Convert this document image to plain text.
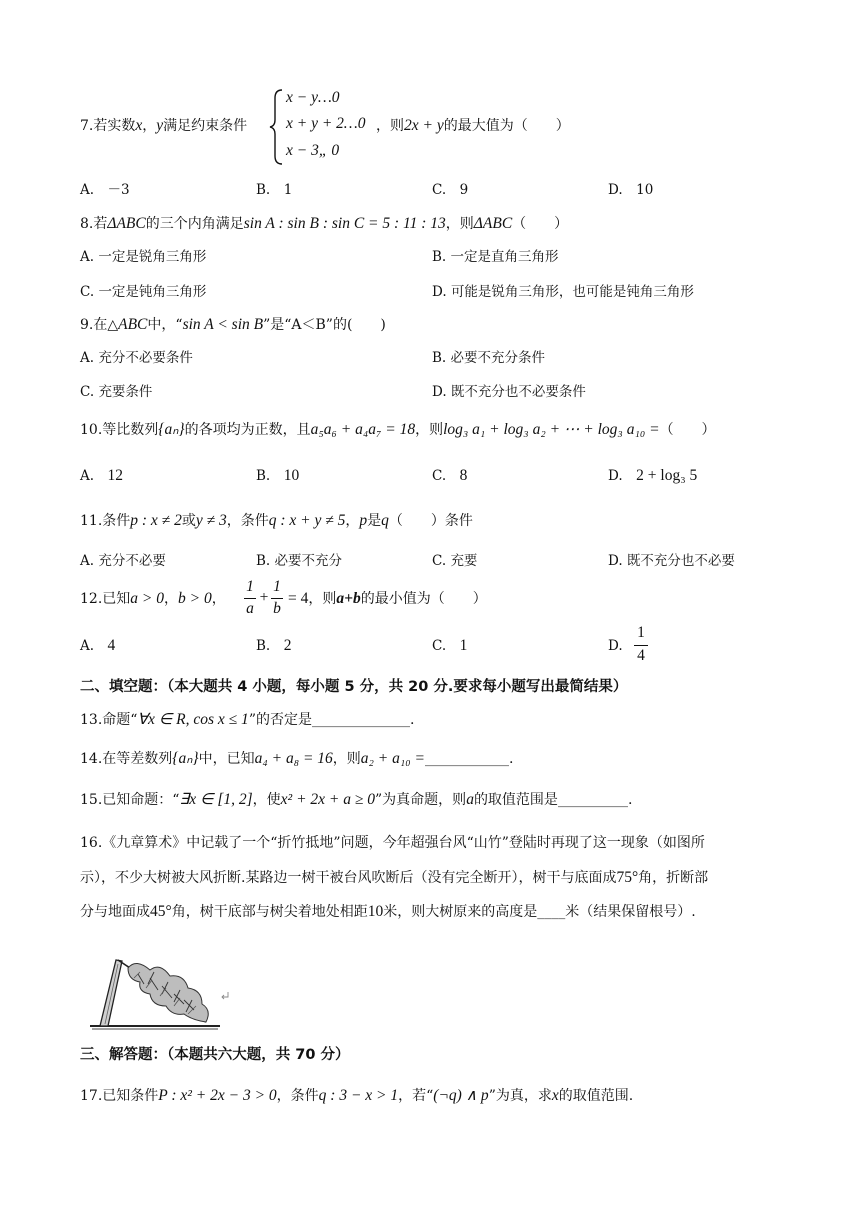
x − y…0
x + y + 2…0
x − 3„ 0
7.若实数x，y满足约束条件	，则2x + y的最大值为（　　）
A.　 －3	B.　 1	C.　 9	D.　 10
8.若ΔABC的三个内角满足sin A : sin B : sin C = 5 : 11 : 13，则ΔABC（　　）
A. 一定是锐角三角形	B. 一定是直角三角形
C. 一定是钝角三角形	D. 可能是锐角三角形，也可能是钝角三角形
9.在△ABC中，“sin A < sin B”是“A＜B”的(　　)
A. 充分不必要条件	B. 必要不充分条件
C. 充要条件	D. 既不充分也不必要条件
10.等比数列{aₙ}的各项均为正数，且a₅a₆ + a₄a₇ = 18，则log₃ a₁ + log₃ a₂ + ⋯ + log₃ a₁₀ =（　　）
A.　 12	B.　 10	C.　 8	D.　 2 + log₃ 5
11.条件p : x ≠ 2或y ≠ 3，条件q : x + y ≠ 5，p是q（　　）条件
A. 充分不必要	B. 必要不充分	C. 充要	D. 既不充分也不必要
12.已知a > 0，b > 0，
1
a
+
1
b
= 4，则a+b的最小值为（　　）
A.　 4	B.　 2	C.　 1	D.
1
4
二、填空题：（本大题共 4 小题，每小题 5 分，共 20 分.要求每小题写出最简结果）
13.命题“∀x ∈ R, cos x ≤ 1”的否定是______________.
14.在等差数列{aₙ}中，已知a₄ + a₈ = 16，则a₂ + a₁₀ =____________.
15.已知命题：“∃x ∈ [1, 2]，使x² + 2x + a ≥ 0”为真命题，则a的取值范围是__________.
16.《九章算术》中记载了一个“折竹抵地”问题，今年超强台风“山竹”登陆时再现了这一现象（如图所
示），不少大树被大风折断.某路边一树干被台风吹断后（没有完全断开），树干与底面成75°角，折断部
分与地面成45°角，树干底部与树尖着地处相距10米，则大树原来的高度是____米（结果保留根号）.
三、解答题：（本题共六大题，共 70 分）
17.已知条件P : x² + 2x − 3 > 0，条件q : 3 − x > 1，若“(¬q) ∧ p”为真，求x的取值范围.
